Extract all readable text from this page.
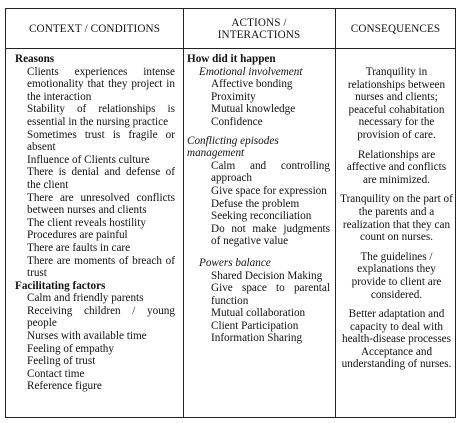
CONTEXT / CONDITIONS	ACTIONS /
INTERACTIONS	CONSEQUENCES
Reasons
Clients experiences intense emotionality that they project in the interaction
Stability of relationships is essential in the nursing practice
Sometimes trust is fragile or absent
Influence of Clients culture
There is denial and defense of the client
There are unresolved conflicts between nurses and clients
The client reveals hostility
Procedures are painful
There are faults in care
There are moments of breach of trust
Facilitating factors
Calm and friendly parents
Receiving children / young people
Nurses with available time
Feeling of empathy
Feeling of trust
Contact time
Reference figure
How did it happen
Emotional involvement
Affective bonding
Proximity
Mutual knowledge
Confidence
Conflicting episodes management
Calm and controlling approach
Give space for expression
Defuse the problem
Seeking reconciliation
Do not make judgments of negative value
Powers balance
Shared Decision Making
Give space to parental function
Mutual collaboration
Client Participation
Information Sharing
Tranquility in relationships between nurses and clients; peaceful cohabitation necessary for the provision of care.
Relationships are affective and conflicts are minimized.
Tranquility on the part of the parents and a realization that they can count on nurses.
The guidelines / explanations they provide to client are considered.
Better adaptation and capacity to deal with health-disease processes
Acceptance and understanding of nurses.
